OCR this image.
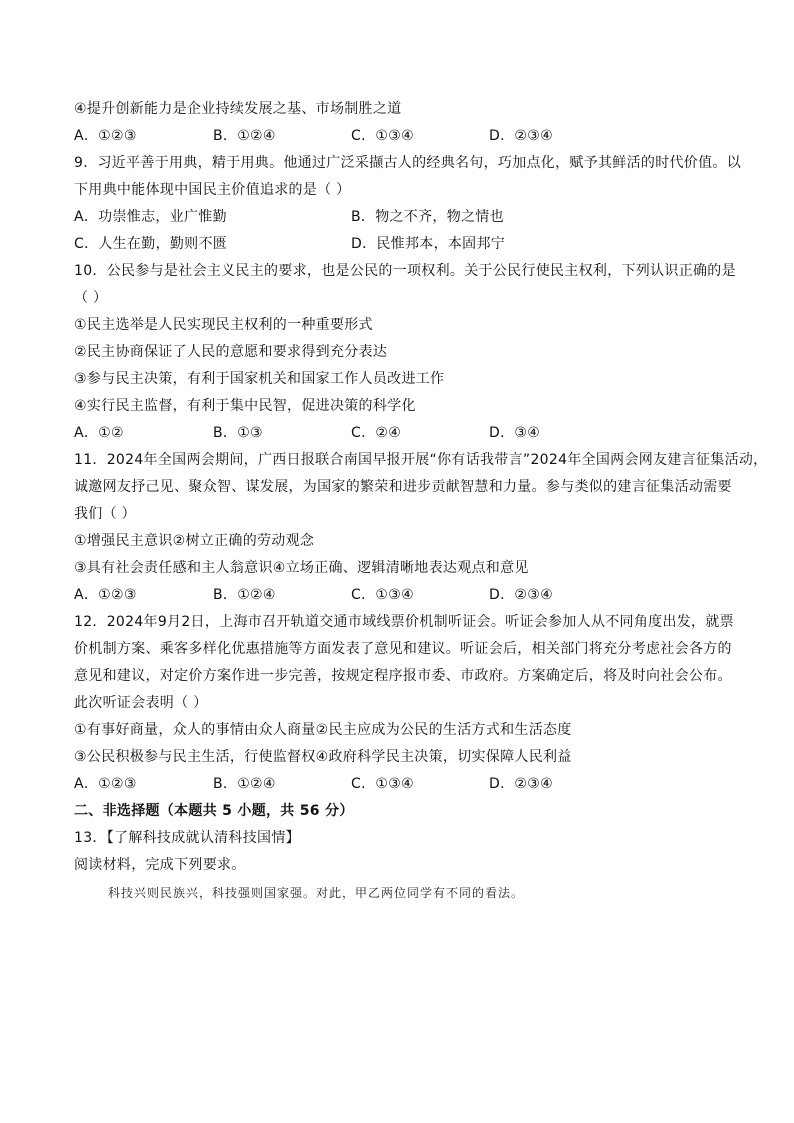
④提升创新能力是企业持续发展之基、市场制胜之道
A．①②③	B．①②④	C．①③④	D．②③④
9．习近平善于用典，精于用典。他通过广泛采撷古人的经典名句，巧加点化，赋予其鲜活的时代价值。以
下用典中能体现中国民主价值追求的是（ ）
A．功崇惟志，业广惟勤	B．物之不齐，物之情也
C．人生在勤，勤则不匮	D．民惟邦本，本固邦宁
10．公民参与是社会主义民主的要求，也是公民的一项权利。关于公民行使民主权利，下列认识正确的是
（ ）
①民主选举是人民实现民主权利的一种重要形式
②民主协商保证了人民的意愿和要求得到充分表达
③参与民主决策，有利于国家机关和国家工作人员改进工作
④实行民主监督，有利于集中民智，促进决策的科学化
A．①②	B．①③	C．②④	D．③④
11．2024年全国两会期间，广西日报联合南国早报开展“你有话我带言”2024年全国两会网友建言征集活动，
诚邀网友抒己见、聚众智、谋发展，为国家的繁荣和进步贡献智慧和力量。参与类似的建言征集活动需要
我们（ ）
①增强民主意识②树立正确的劳动观念
③具有社会责任感和主人翁意识④立场正确、逻辑清晰地表达观点和意见
A．①②③	B．①②④	C．①③④	D．②③④
12．2024年9月2日，上海市召开轨道交通市域线票价机制听证会。听证会参加人从不同角度出发，就票
价机制方案、乘客多样化优惠措施等方面发表了意见和建议。听证会后，相关部门将充分考虑社会各方的
意见和建议，对定价方案作进一步完善，按规定程序报市委、市政府。方案确定后，将及时向社会公布。
此次听证会表明（ ）
①有事好商量，众人的事情由众人商量②民主应成为公民的生活方式和生活态度
③公民积极参与民主生活，行使监督权④政府科学民主决策，切实保障人民利益
A．①②③	B．①②④	C．①③④	D．②③④
二、非选择题（本题共 5 小题，共 56 分）
13．【了解科技成就认清科技国情】
阅读材料，完成下列要求。
科技兴则民族兴，科技强则国家强。对此，甲乙两位同学有不同的看法。
